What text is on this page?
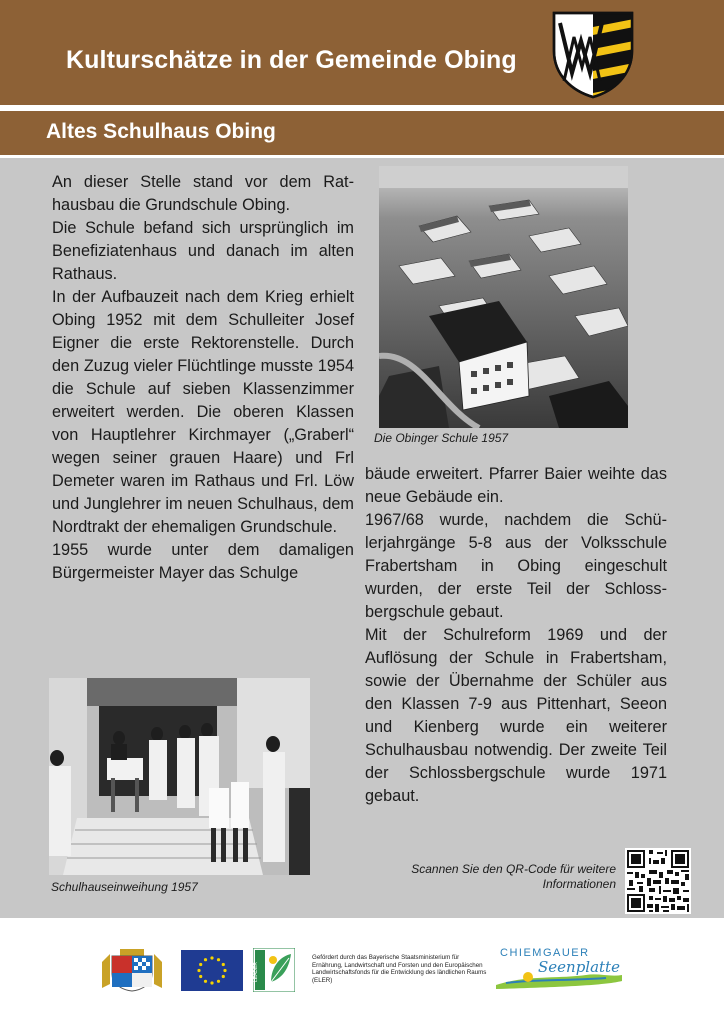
Kulturschätze in der Gemeinde Obing
Altes Schulhaus Obing

An dieser Stelle stand vor dem Rathausbau die Grundschule Obing.

Die Schule befand sich ursprünglich im Benefiziatenhaus und danach im alten Rathaus.

In der Aufbauzeit nach dem Krieg erhielt Obing 1952 mit dem Schulleiter Josef Eigner die erste Rektorenstelle. Durch den Zuzug vieler Flüchtlinge musste 1954 die Schule auf sieben Klassenzimmer erweitert werden. Die oberen Klassen von Hauptlehrer Kirchmayer („Graberl“ wegen seiner grauen Haare) und Frl Demeter waren im Rathaus und Frl. Löw und Junglehrer im neuen Schulhaus, dem Nordtrakt der ehemaligen Grundschule.

1955 wurde unter dem damaligen Bürgermeister Mayer das Schulge

Die Obinger Schule 1957

bäude erweitert. Pfarrer Baier weihte das neue Gebäude ein.

1967/68 wurde, nachdem die Schülerjahrgänge 5-8 aus der Volksschule Frabertsham in Obing eingeschult wurden, der erste Teil der Schlossbergschule gebaut.

Mit der Schulreform 1969 und der Auflösung der Schule in Frabertsham, sowie der Übernahme der Schüler aus den Klassen 7-9 aus Pittenhart, Seeon und Kienberg wurde ein weiterer Schulhausbau notwendig. Der zweite Teil der Schlossbergschule wurde 1971 gebaut.

Schulhauseinweihung 1957
Scannen Sie den QR-Code für weitere Informationen
LEADER
Gefördert durch das Bayerische Staatsministerium für Ernährung, Landwirtschaft und Forsten und den Europäischen Landwirtschaftsfonds für die Entwicklung des ländlichen Raums (ELER)
CHIEMGAUER
Seenplatte
